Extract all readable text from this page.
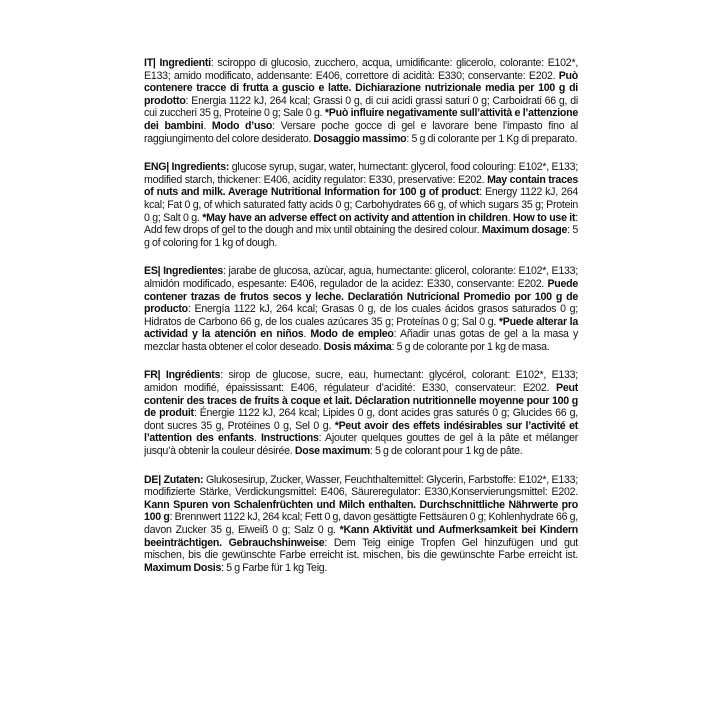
IT| Ingredienti: sciroppo di glucosio, zucchero, acqua, umidificante: glicerolo, colorante: E102*, E133; amido modificato, addensante: E406, correttore di acidità: E330; conservante: E202. Può contenere tracce di frutta a guscio e latte. Dichiarazione nutrizionale media per 100 g di prodotto: Energia 1122 kJ, 264 kcal; Grassi 0 g, di cui acidi grassi saturi 0 g; Carboidrati 66 g, di cui zuccheri 35 g, Proteine 0 g; Sale 0 g. *Può influire negativamente sull’attività e l’attenzione dei bambini. Modo d’uso: Versare poche gocce di gel e lavorare bene l’impasto fino al raggiungimento del colore desiderato. Dosaggio massimo: 5 g di colorante per 1 Kg di preparato.

ENG| Ingredients: glucose syrup, sugar, water, humectant: glycerol, food colouring: E102*, E133; modified starch, thickener: E406, acidity regulator: E330, preservative: E202. May contain traces of nuts and milk. Average Nutritional Information for 100 g of product: Energy 1122 kJ, 264 kcal; Fat 0 g, of which saturated fatty acids 0 g; Carbohydrates 66 g, of which sugars 35 g; Protein 0 g; Salt 0 g. *May have an adverse effect on activity and attention in children. How to use it: Add few drops of gel to the dough and mix until obtaining the desired colour. Maximum dosage: 5 g of coloring for 1 kg of dough.

ES| Ingredientes: jarabe de glucosa, azùcar, agua, humectante: glicerol, colorante: E102*, E133; almidón modificado, espesante: E406, regulador de la acidez: E330, conservante: E202. Puede contener trazas de frutos secos y leche. Declaratión Nutricional Promedio por 100 g de producto: Energía 1122 kJ, 264 kcal; Grasas 0 g, de los cuales ácidos grasos saturados 0 g; Hidratos de Carbono 66 g, de los cuales azúcares 35 g; Proteínas 0 g; Sal 0 g. *Puede alterar la actividad y la atención en niños. Modo de empleo: Añadir unas gotas de gel a la masa y mezclar hasta obtener el color deseado. Dosis máxima: 5 g de colorante por 1 kg de masa.

FR| Ingrédients: sirop de glucose, sucre, eau, humectant: glycérol, colorant: E102*, E133; amidon modifié, épaississant: E406, régulateur d’acidité: E330, conservateur: E202. Peut contenir des traces de fruits à coque et lait. Déclaration nutritionnelle moyenne pour 100 g de produit: Énergie 1122 kJ, 264 kcal; Lipides 0 g, dont acides gras saturés 0 g; Glucides 66 g, dont sucres 35 g, Protéines 0 g, Sel 0 g. *Peut avoir des effets indésirables sur l’activité et l’attention des enfants. Instructions: Ajouter quelques gouttes de gel à la pâte et mélanger jusqu’à obtenir la couleur désirée. Dose maximum: 5 g de colorant pour 1 kg de pâte.

DE| Zutaten: Glukosesirup, Zucker, Wasser, Feuchthaltemittel: Glycerin, Farbstoffe: E102*, E133; modifizierte Stärke, Verdickungsmittel: E406, Säureregulator: E330,Konservierungsmittel: E202. Kann Spuren von Schalenfrüchten und Milch enthalten. Durchschnittliche Nährwerte pro 100 g: Brennwert 1122 kJ, 264 kcal; Fett 0 g, davon gesättigte Fettsäuren 0 g; Kohlenhydrate 66 g, davon Zucker 35 g, Eiweiß 0 g; Salz 0 g. *Kann Aktivität und Aufmerksamkeit bei Kindern beeinträchtigen. Gebrauchshinweise: Dem Teig einige Tropfen Gel hinzufügen und gut mischen, bis die gewünschte Farbe erreicht ist. mischen, bis die gewünschte Farbe erreicht ist. Maximum Dosis: 5 g Farbe für 1 kg Teig.
